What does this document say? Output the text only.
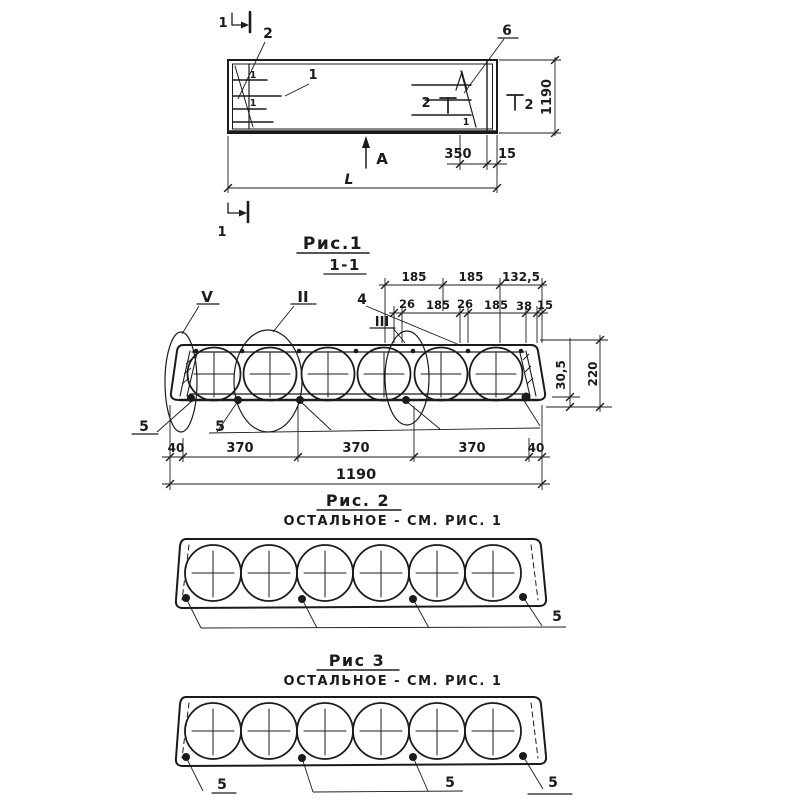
1
1
1
1
1
2	6
1
2	2
А	350 15
L
1190
Рис.1
1-1
V	II	4
III
185	185 132,5
26 185 26 185 38 15
30,5 220
40	370	370	370	40
1190
5	5
Рис. 2
ОСТАЛЬНОЕ - СМ. РИС. 1
5
Рис 3
ОСТАЛЬНОЕ - СМ. РИС. 1
5	5	5
